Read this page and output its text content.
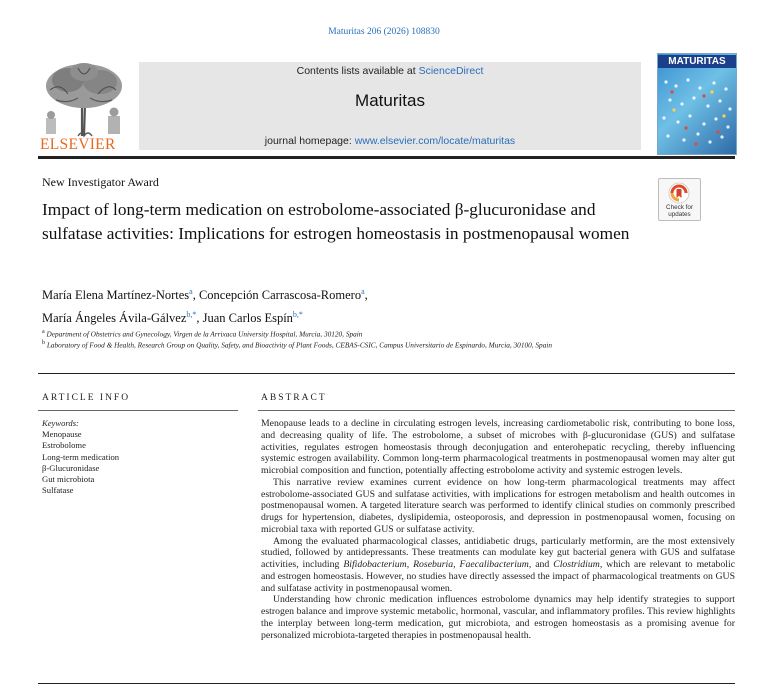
Maturitas 206 (2026) 108830
ELSEVIER
Contents lists available at ScienceDirect
Maturitas
journal homepage: www.elsevier.com/locate/maturitas
MATURITAS
New Investigator Award
Impact of long-term medication on estrobolome-associated β-glucuronidase and sulfatase activities: Implications for estrogen homeostasis in postmenopausal women
Check for
updates
María Elena Martínez-Nortes$^a$, Concepción Carrascosa-Romero$^a$,
María Ángeles Ávila-Gálvez$^{b,*}$, Juan Carlos Espín$^{b,*}$
$^a$ Department of Obstetrics and Gynecology, Virgen de la Arrixaca University Hospital, Murcia, 30120, Spain
$^b$ Laboratory of Food & Health, Research Group on Quality, Safety, and Bioactivity of Plant Foods, CEBAS-CSIC, Campus Universitario de Espinardo, Murcia, 30100, Spain
ARTICLE INFO	ABSTRACT
Keywords:
Menopause
Estrobolome
Long-term medication
β-Glucuronidase
Gut microbiota
Sulfatase

Menopause leads to a decline in circulating estrogen levels, increasing cardiometabolic risk, contributing to bone loss, and decreasing quality of life. The estrobolome, a subset of microbes with β-glucuronidase (GUS) and sulfatase activities, regulates estrogen homeostasis through deconjugation and enterohepatic recycling, thereby influencing systemic estrogen availability. Common long-term pharmacological treatments in postmenopausal women may alter gut microbial composition and function, potentially affecting estrobolome activity and systemic estrogen levels.

This narrative review examines current evidence on how long-term pharmacological treatments may affect estrobolome-associated GUS and sulfatase activities, with implications for estrogen metabolism and health outcomes in postmenopausal women. A targeted literature search was performed to identify clinical studies on commonly prescribed drugs for hypertension, diabetes, dyslipidemia, osteoporosis, and depression in postmenopausal women, focusing on microbial taxa with reported GUS or sulfatase activity.

Among the evaluated pharmacological classes, antidiabetic drugs, particularly metformin, are the most extensively studied, followed by antidepressants. These treatments can modulate key gut bacterial genera with GUS and sulfatase activities, including Bifidobacterium, Roseburia, Faecalibacterium, and Clostridium, which are relevant to metabolic and estrogen homeostasis. However, no studies have directly assessed the impact of pharmacological treatments on GUS and sulfatase activity in postmenopausal women.

Understanding how chronic medication influences estrobolome dynamics may help identify strategies to support estrogen balance and improve systemic metabolic, hormonal, vascular, and inflammatory profiles. This review highlights the interplay between long-term medication, gut microbiota, and estrogen homeostasis as a promising avenue for personalized microbiota-targeted therapies in postmenopausal health.
